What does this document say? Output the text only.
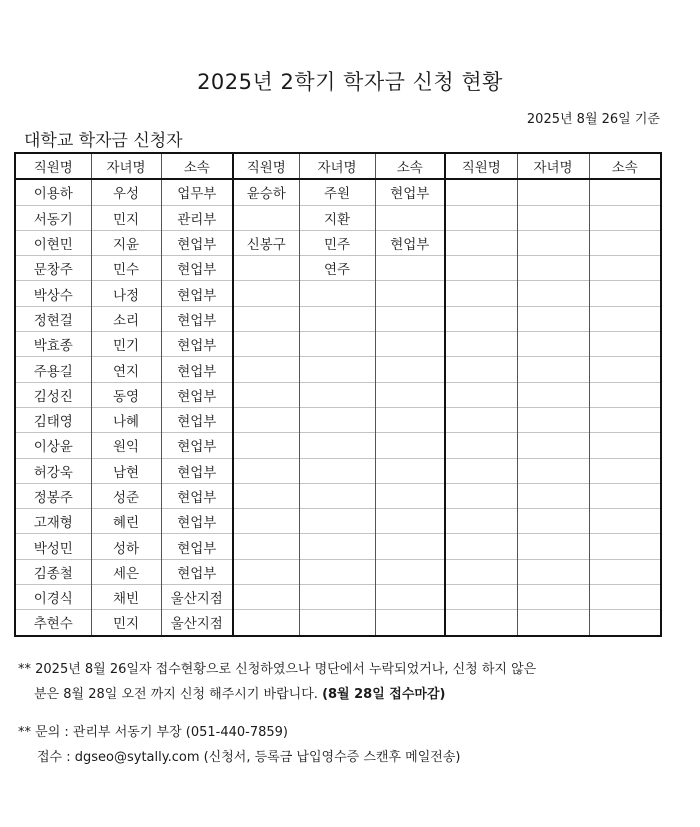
2025년 2학기 학자금 신청 현황
2025년 8월 26일 기준
대학교 학자금 신청자
직원명	자녀명	소속	직원명	자녀명	소속	직원명	자녀명	소속
이용하	우성	업무부	윤승하	주원	현업부			
서동기	민지	관리부		지환				
이현민	지윤	현업부	신봉구	민주	현업부			
문창주	민수	현업부		연주				
박상수	나정	현업부						
정현걸	소리	현업부						
박효종	민기	현업부						
주용길	연지	현업부						
김성진	동영	현업부						
김태영	나혜	현업부						
이상윤	원익	현업부						
허강욱	남현	현업부						
정봉주	성준	현업부						
고재형	혜린	현업부						
박성민	성하	현업부						
김종철	세은	현업부						
이경식	채빈	울산지점						
추현수	민지	울산지점						

** 2025년 8월 26일자 접수현황으로 신청하였으나 명단에서 누락되었거나, 신청 하지 않은

분은 8월 28일 오전 까지 신청 해주시기 바랍니다. (8월 28일 접수마감)

** 문의 : 관리부 서동기 부장 (051-440-7859)

접수 : dgseo@sytally.com (신청서, 등록금 납입영수증 스캔후 메일전송)
